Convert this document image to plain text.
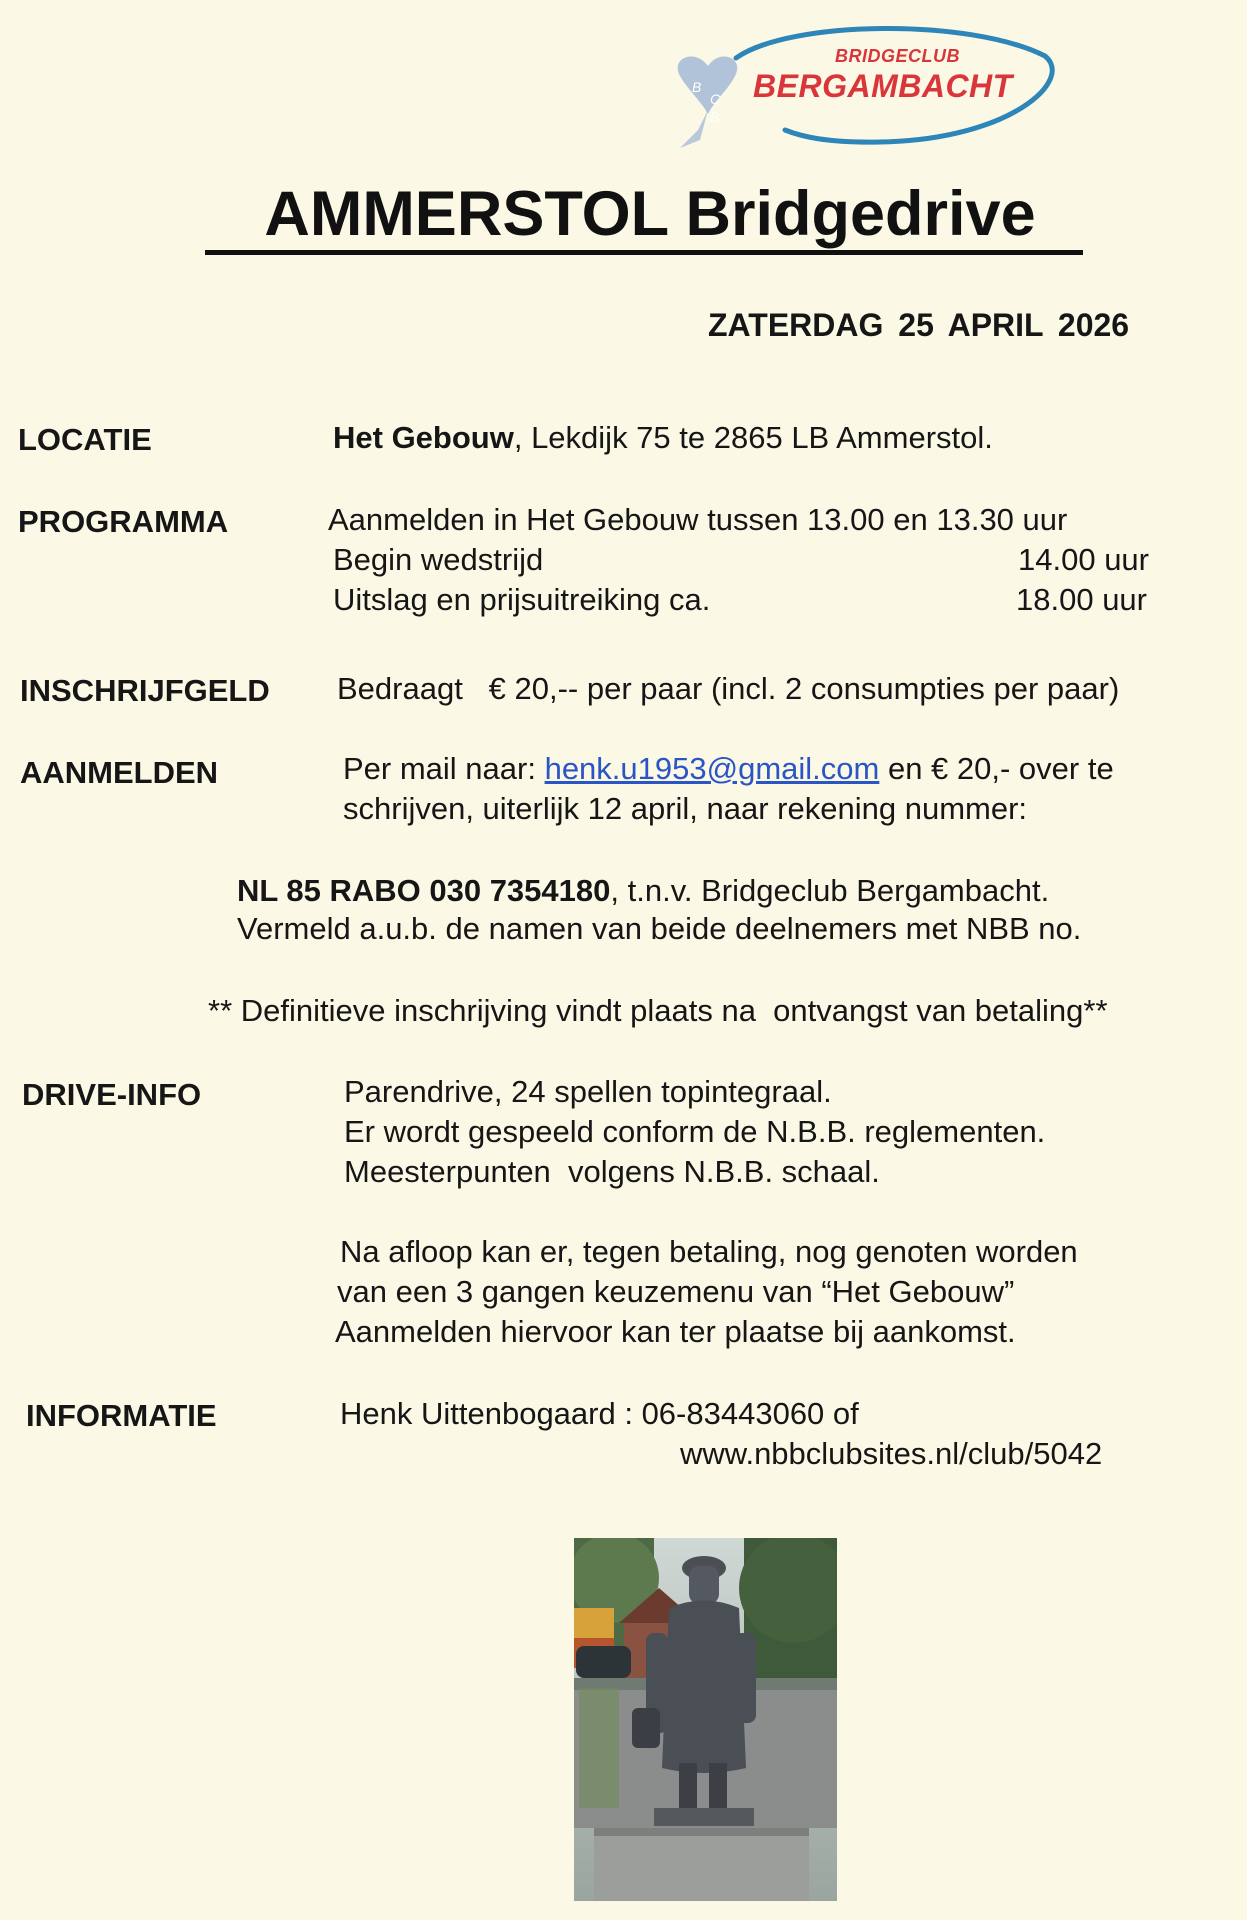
B
C
B
BRIDGECLUB
BERGAMBACHT
AMMERSTOL Bridgedrive
ZATERDAG 25 APRIL 2026
LOCATIE	Het Gebouw, Lekdijk 75 te 2865 LB Ammerstol.
PROGRAMMA	Aanmelden in Het Gebouw tussen 13.00 en 13.30 uur
Begin wedstrijd	14.00 uur
Uitslag en prijsuitreiking ca.	18.00 uur
INSCHRIJFGELD Bedraagt   € 20,-- per paar (incl. 2 consumpties per paar)
AANMELDEN	Per mail naar: henk.u1953@gmail.com en € 20,- over te
schrijven, uiterlijk 12 april, naar rekening nummer:
NL 85 RABO 030 7354180, t.n.v. Bridgeclub Bergambacht.
Vermeld a.u.b. de namen van beide deelnemers met NBB no.
** Definitieve inschrijving vindt plaats na  ontvangst van betaling**
DRIVE-INFO	Parendrive, 24 spellen topintegraal.
Er wordt gespeeld conform de N.B.B. reglementen.
Meesterpunten  volgens N.B.B. schaal.
Na afloop kan er, tegen betaling, nog genoten worden
van een 3 gangen keuzemenu van “Het Gebouw”
Aanmelden hiervoor kan ter plaatse bij aankomst.
INFORMATIE	Henk Uittenbogaard : 06-83443060 of
www.nbbclubsites.nl/club/5042
